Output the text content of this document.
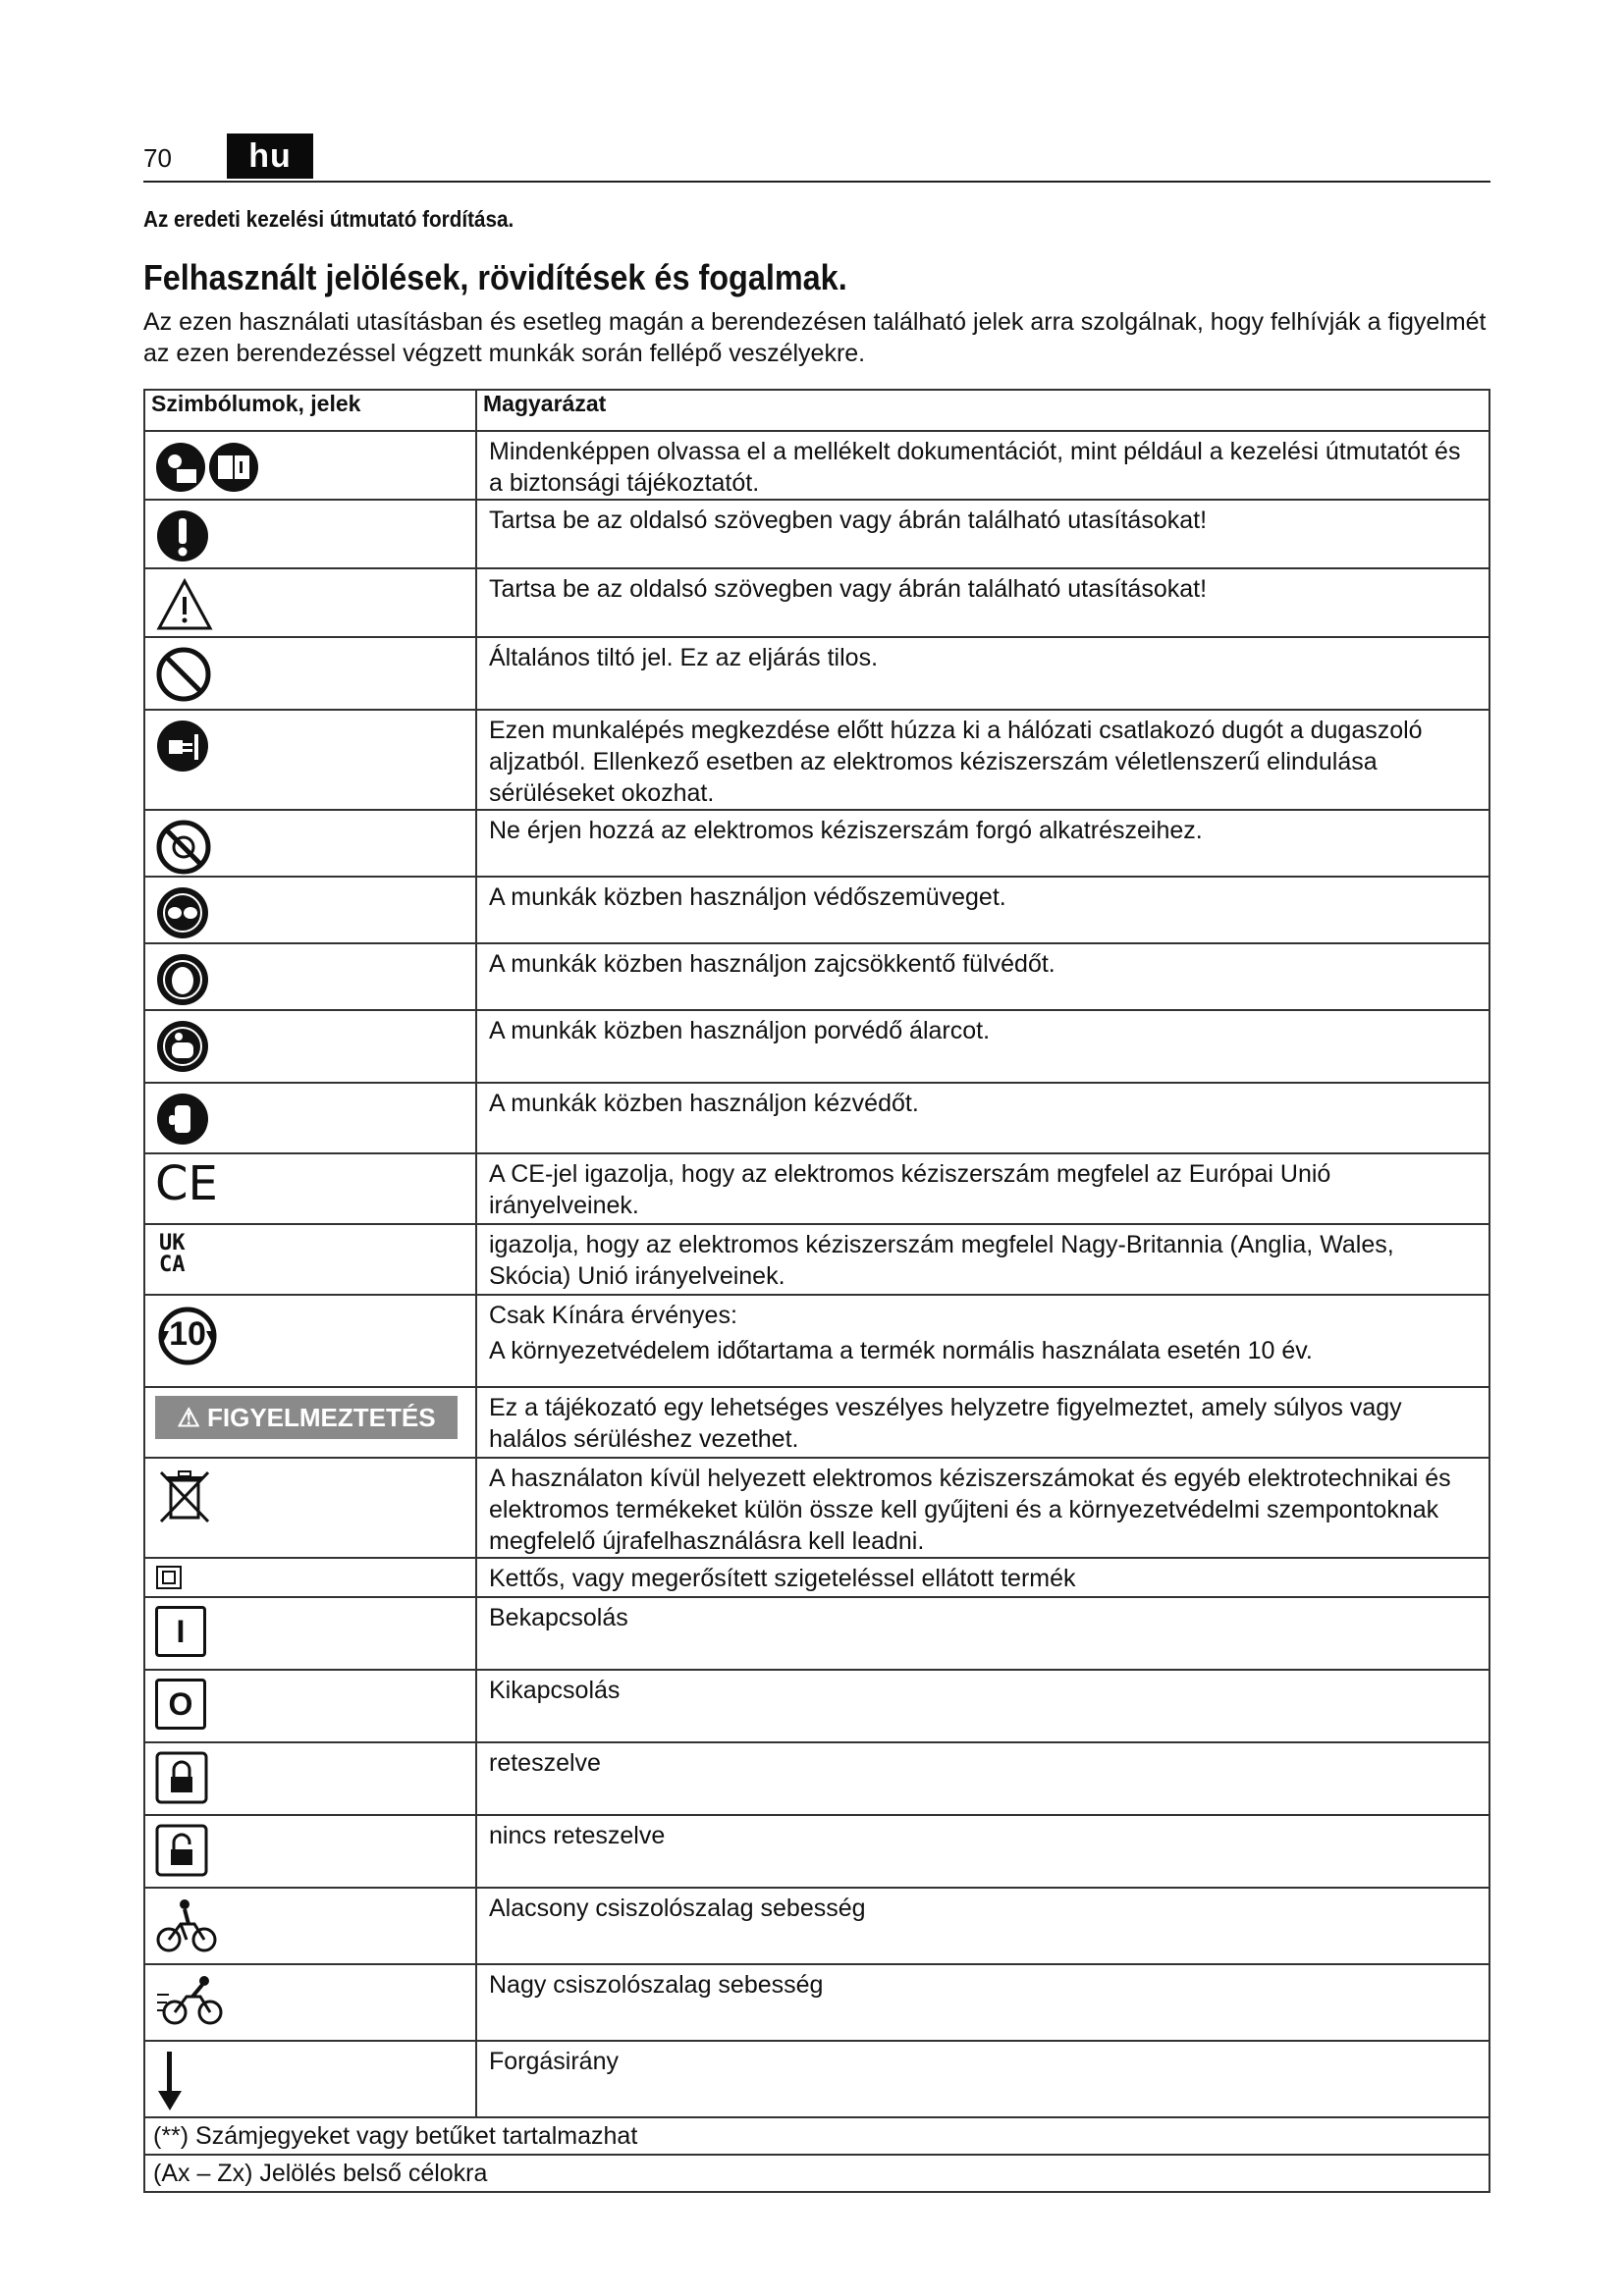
70	hu
Az eredeti kezelési útmutató fordítása.
Felhasznált jelölések, rövidítések és fogalmak.
Az ezen használati utasításban és esetleg magán a berendezésen található jelek arra szolgálnak, hogy felhívják a figyelmét az ezen berendezéssel végzett munkák során fellépő veszélyekre.
Szimbólumok, jelek	Magyarázat

	Mindenképpen olvassa el a mellékelt dokumentációt, mint például a kezelési útmutatót és a biztonsági tájékoztatót.

	Tartsa be az oldalsó szövegben vagy ábrán található utasításokat!

	Tartsa be az oldalsó szövegben vagy ábrán található utasításokat!

	Általános tiltó jel. Ez az eljárás tilos.

	Ezen munkalépés megkezdése előtt húzza ki a hálózati csatlakozó dugót a dugaszoló aljzatból. Ellenkező esetben az elektromos kéziszerszám véletlenszerű elindulása sérüléseket okozhat.

	Ne érjen hozzá az elektromos kéziszerszám forgó alkatrészeihez.

	A munkák közben használjon védőszemüveget.

	A munkák közben használjon zajcsökkentő fülvédőt.

	A munkák közben használjon porvédő álarcot.

	A munkák közben használjon kézvédőt.

CE	A CE-jel igazolja, hogy az elektromos kéziszerszám megfelel az Európai Unió irányelveinek.

UK
CA	igazolja, hogy az elektromos kéziszerszám megfelel Nagy-Britannia (Anglia, Wales, Skócia) Unió irányelveinek.

10	Csak Kínára érvényes:
A környezetvédelem időtartama a termék normális használata esetén 10 év.

⚠ FIGYELMEZTETÉS	Ez a tájékozató egy lehetséges veszélyes helyzetre figyelmeztet, amely súlyos vagy halálos sérüléshez vezethet.

	A használaton kívül helyezett elektromos kéziszerszámokat és egyéb elektrotechnikai és elektromos termékeket külön össze kell gyűjteni és a környezetvédelmi szempontoknak megfelelő újrafelhasználásra kell leadni.

	Kettős, vagy megerősített szigeteléssel ellátott termék

I	Bekapcsolás

O	Kikapcsolás

	reteszelve

	nincs reteszelve

	Alacsony csiszolószalag sebesség

	Nagy csiszolószalag sebesség

	Forgásirány
(**) Számjegyeket vagy betűket tartalmazhat	
(Ax – Zx) Jelölés belső célokra	
